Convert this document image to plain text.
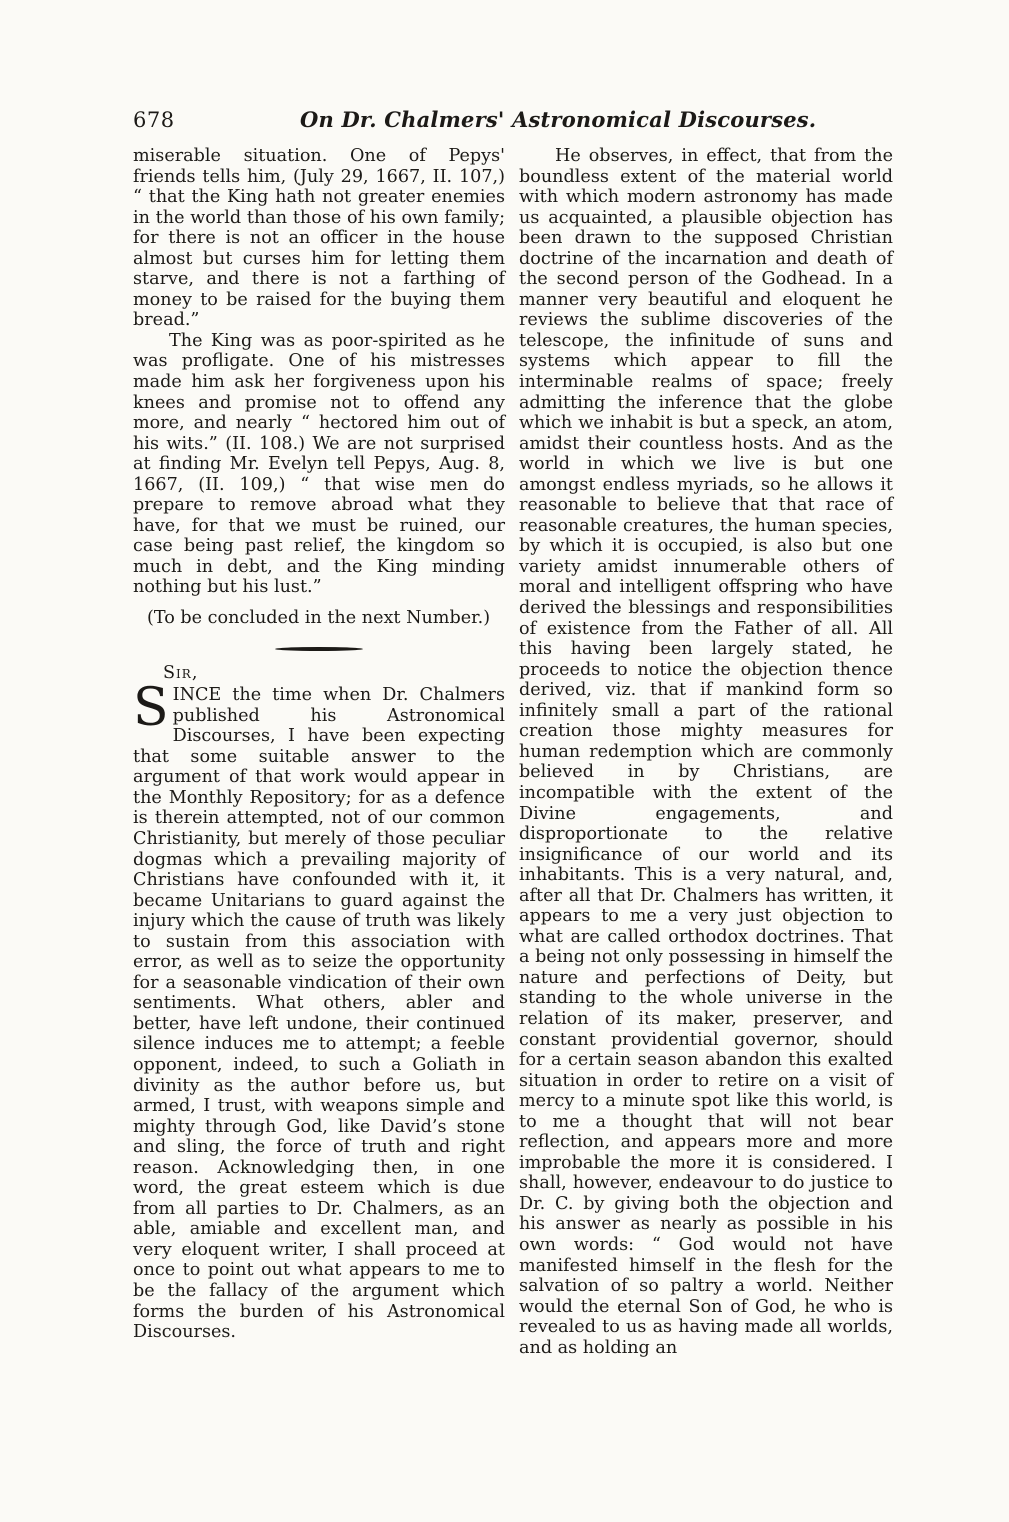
678	On Dr. Chalmers' Astronomical Discourses.

miserable situation. One of Pepys' friends tells him, (July 29, 1667, II. 107,) “ that the King hath not greater enemies in the world than those of his own family; for there is not an officer in the house almost but curses him for letting them starve, and there is not a farthing of money to be raised for the buying them bread.”

The King was as poor-spirited as he was profligate. One of his mistresses made him ask her forgiveness upon his knees and promise not to offend any more, and nearly “ hectored him out of his wits.” (II. 108.) We are not surprised at finding Mr. Evelyn tell Pepys, Aug. 8, 1667, (II. 109,) “ that wise men do prepare to remove abroad what they have, for that we must be ruined, our case being past relief, the kingdom so much in debt, and the King minding nothing but his lust.”

(To be concluded in the next Number.)

Sir,

SINCE the time when Dr. Chalmers published his Astronomical Discourses, I have been expecting that some suitable answer to the argument of that work would appear in the Monthly Repository; for as a defence is therein attempted, not of our common Christianity, but merely of those peculiar dogmas which a prevailing majority of Christians have confounded with it, it became Unitarians to guard against the injury which the cause of truth was likely to sustain from this association with error, as well as to seize the opportunity for a seasonable vindication of their own sentiments. What others, abler and better, have left undone, their continued silence induces me to attempt; a feeble opponent, indeed, to such a Goliath in divinity as the author before us, but armed, I trust, with weapons simple and mighty through God, like David’s stone and sling, the force of truth and right reason. Acknowledging then, in one word, the great esteem which is due from all parties to Dr. Chalmers, as an able, amiable and excellent man, and very eloquent writer, I shall proceed at once to point out what appears to me to be the fallacy of the argument which forms the burden of his Astronomical Discourses.

He observes, in effect, that from the boundless extent of the material world with which modern astronomy has made us acquainted, a plausible objection has been drawn to the supposed Christian doctrine of the incarnation and death of the second person of the Godhead. In a manner very beautiful and eloquent he reviews the sublime discoveries of the telescope, the infinitude of suns and systems which appear to fill the interminable realms of space; freely admitting the inference that the globe which we inhabit is but a speck, an atom, amidst their countless hosts. And as the world in which we live is but one amongst endless myriads, so he allows it reasonable to believe that that race of reasonable creatures, the human species, by which it is occupied, is also but one variety amidst innumerable others of moral and intelligent offspring who have derived the blessings and responsibilities of existence from the Father of all. All this having been largely stated, he proceeds to notice the objection thence derived, viz. that if mankind form so infinitely small a part of the rational creation those mighty measures for human redemption which are commonly believed in by Christians, are incompatible with the extent of the Divine engagements, and disproportionate to the relative insignificance of our world and its inhabitants. This is a very natural, and, after all that Dr. Chalmers has written, it appears to me a very just objection to what are called orthodox doctrines. That a being not only possessing in himself the nature and perfections of Deity, but standing to the whole universe in the relation of its maker, preserver, and constant providential governor, should for a certain season abandon this exalted situation in order to retire on a visit of mercy to a minute spot like this world, is to me a thought that will not bear reflection, and appears more and more improbable the more it is considered. I shall, however, endeavour to do justice to Dr. C. by giving both the objection and his answer as nearly as possible in his own words: “ God would not have manifested himself in the flesh for the salvation of so paltry a world. Neither would the eternal Son of God, he who is revealed to us as having made all worlds, and as holding an
